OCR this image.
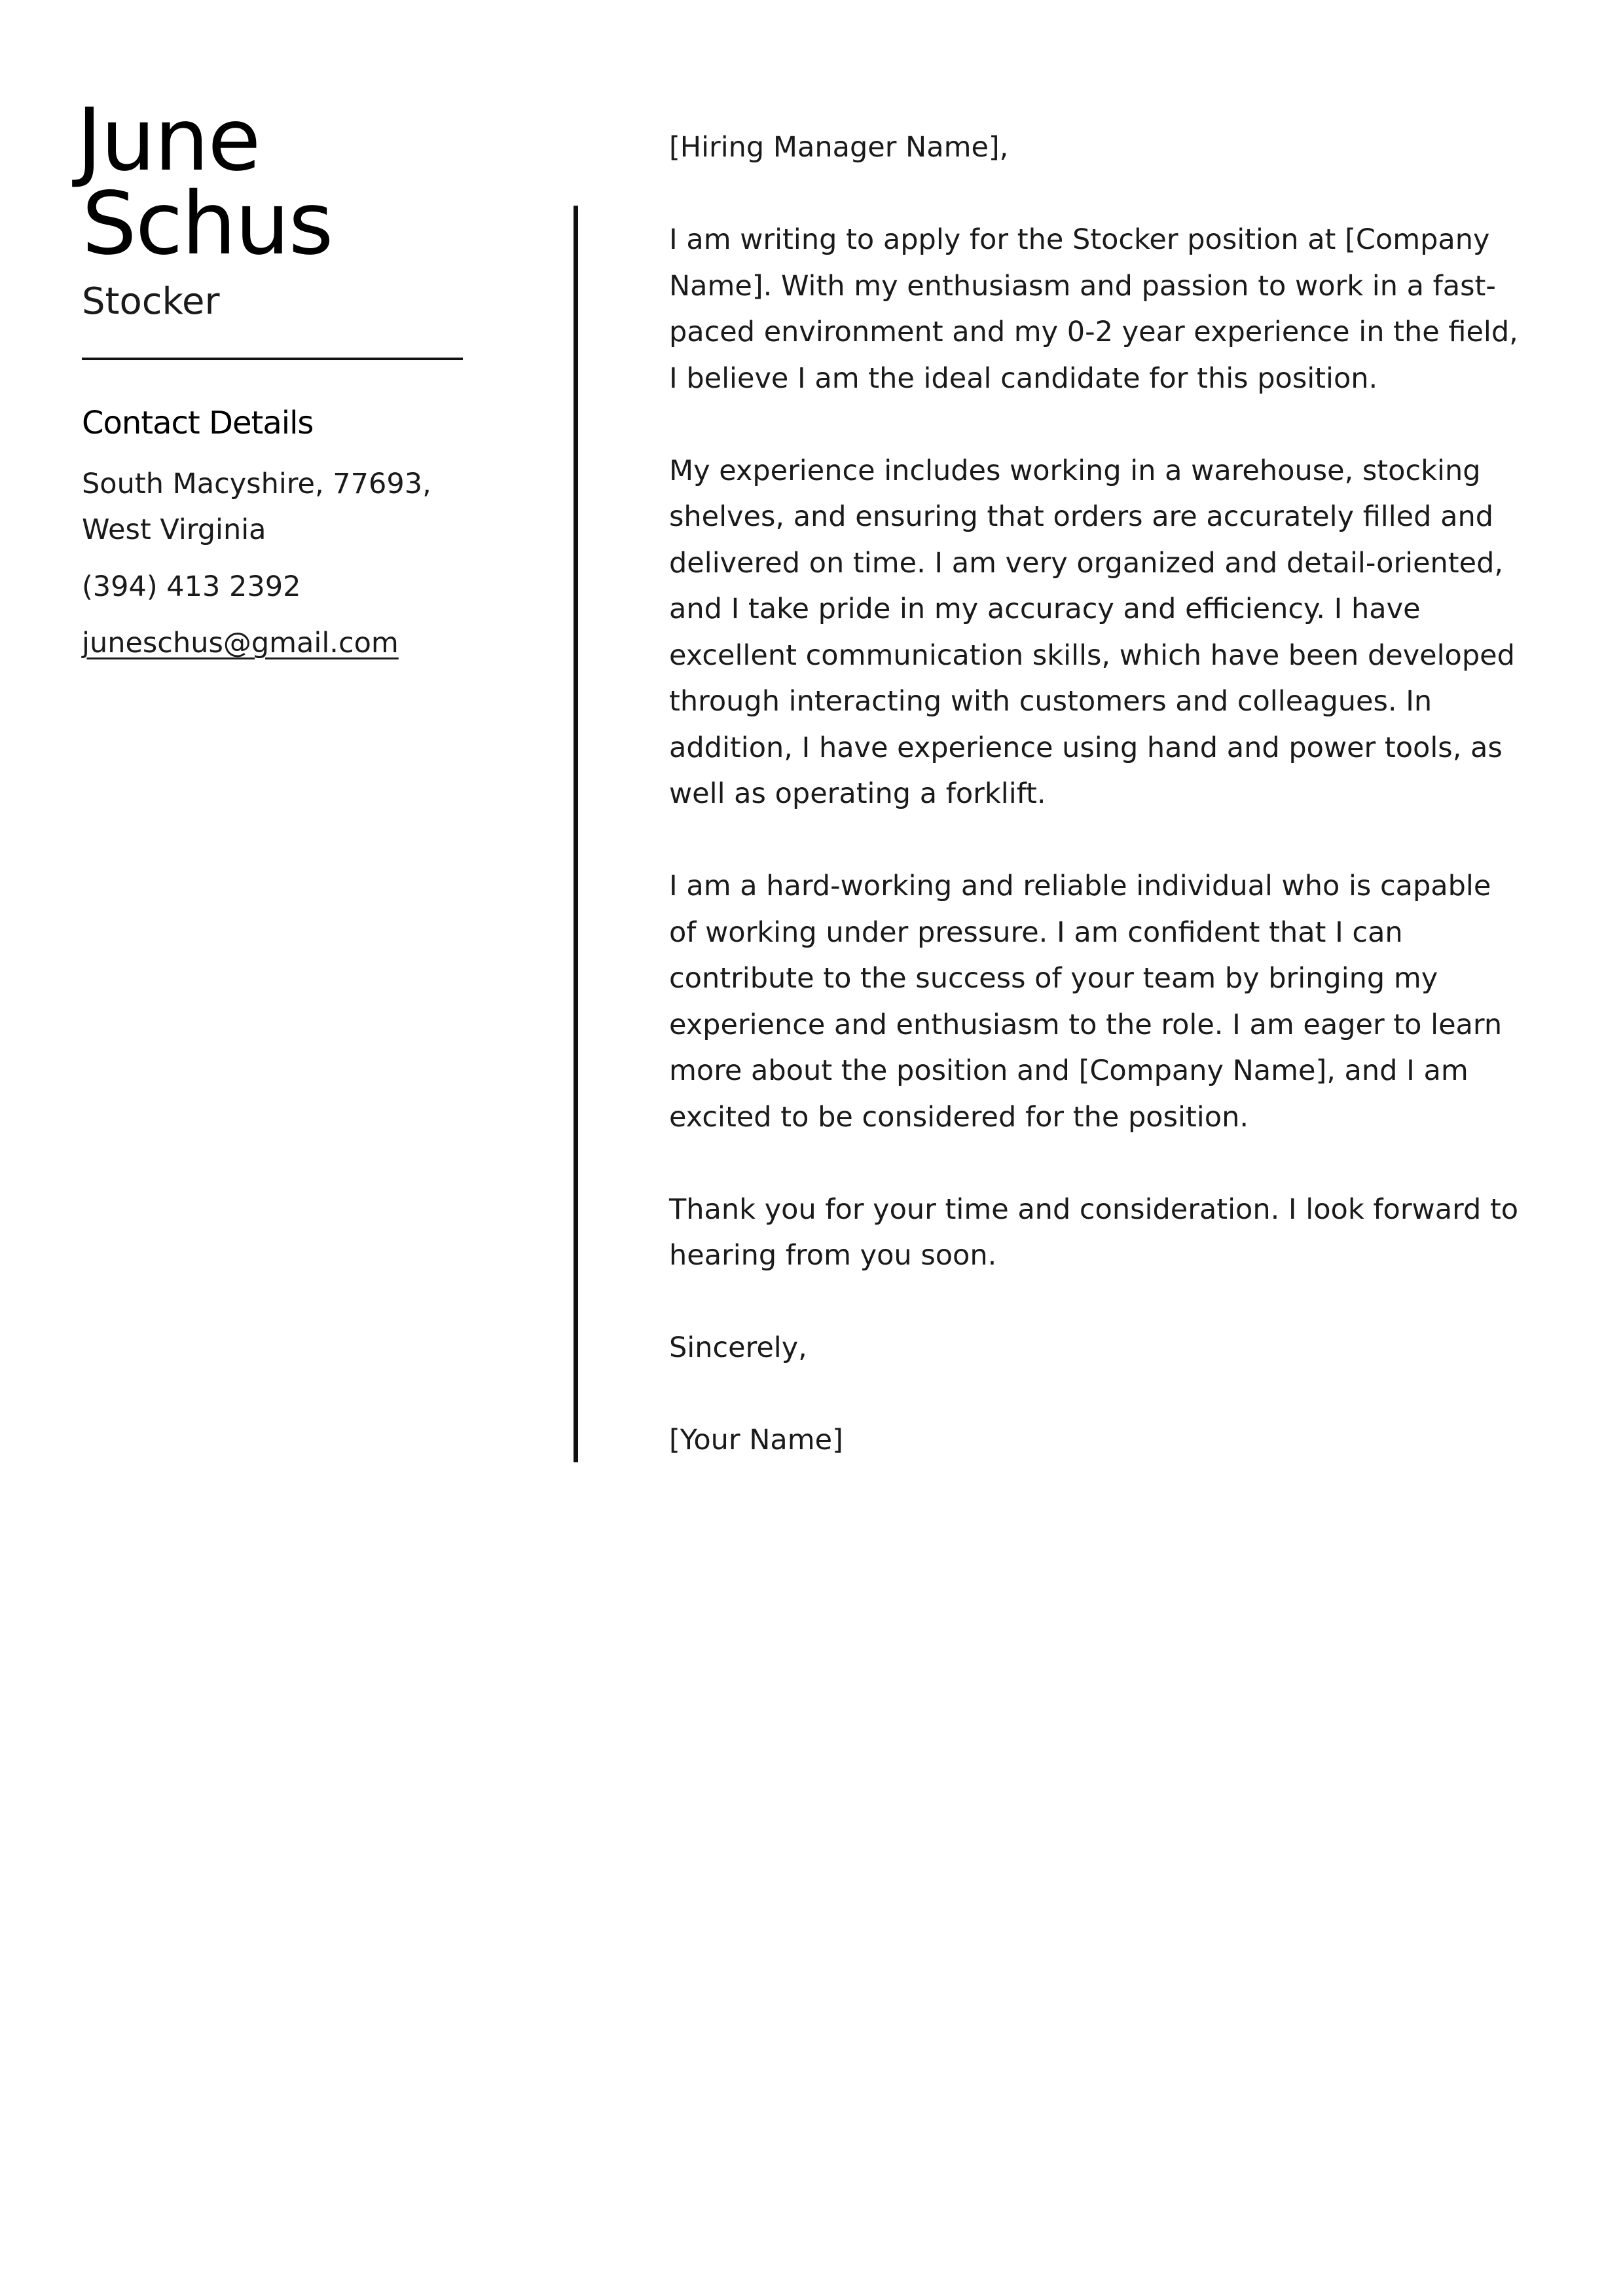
June
Schus
Stocker
Contact Details
South Macyshire, 77693, West Virginia
(394) 413 2392
juneschus@gmail.com

[Hiring Manager Name],

I am writing to apply for the Stocker position at [Company Name]. With my enthusiasm and passion to work in a fast-paced environment and my 0-2 year experience in the field, I believe I am the ideal candidate for this position.

My experience includes working in a warehouse, stocking shelves, and ensuring that orders are accurately filled and delivered on time. I am very organized and detail-oriented, and I take pride in my accuracy and efficiency. I have excellent communication skills, which have been developed through interacting with customers and colleagues. In addition, I have experience using hand and power tools, as well as operating a forklift.

I am a hard-working and reliable individual who is capable of working under pressure. I am confident that I can contribute to the success of your team by bringing my experience and enthusiasm to the role. I am eager to learn more about the position and [Company Name], and I am excited to be considered for the position.

Thank you for your time and consideration. I look forward to hearing from you soon.

Sincerely,

[Your Name]
